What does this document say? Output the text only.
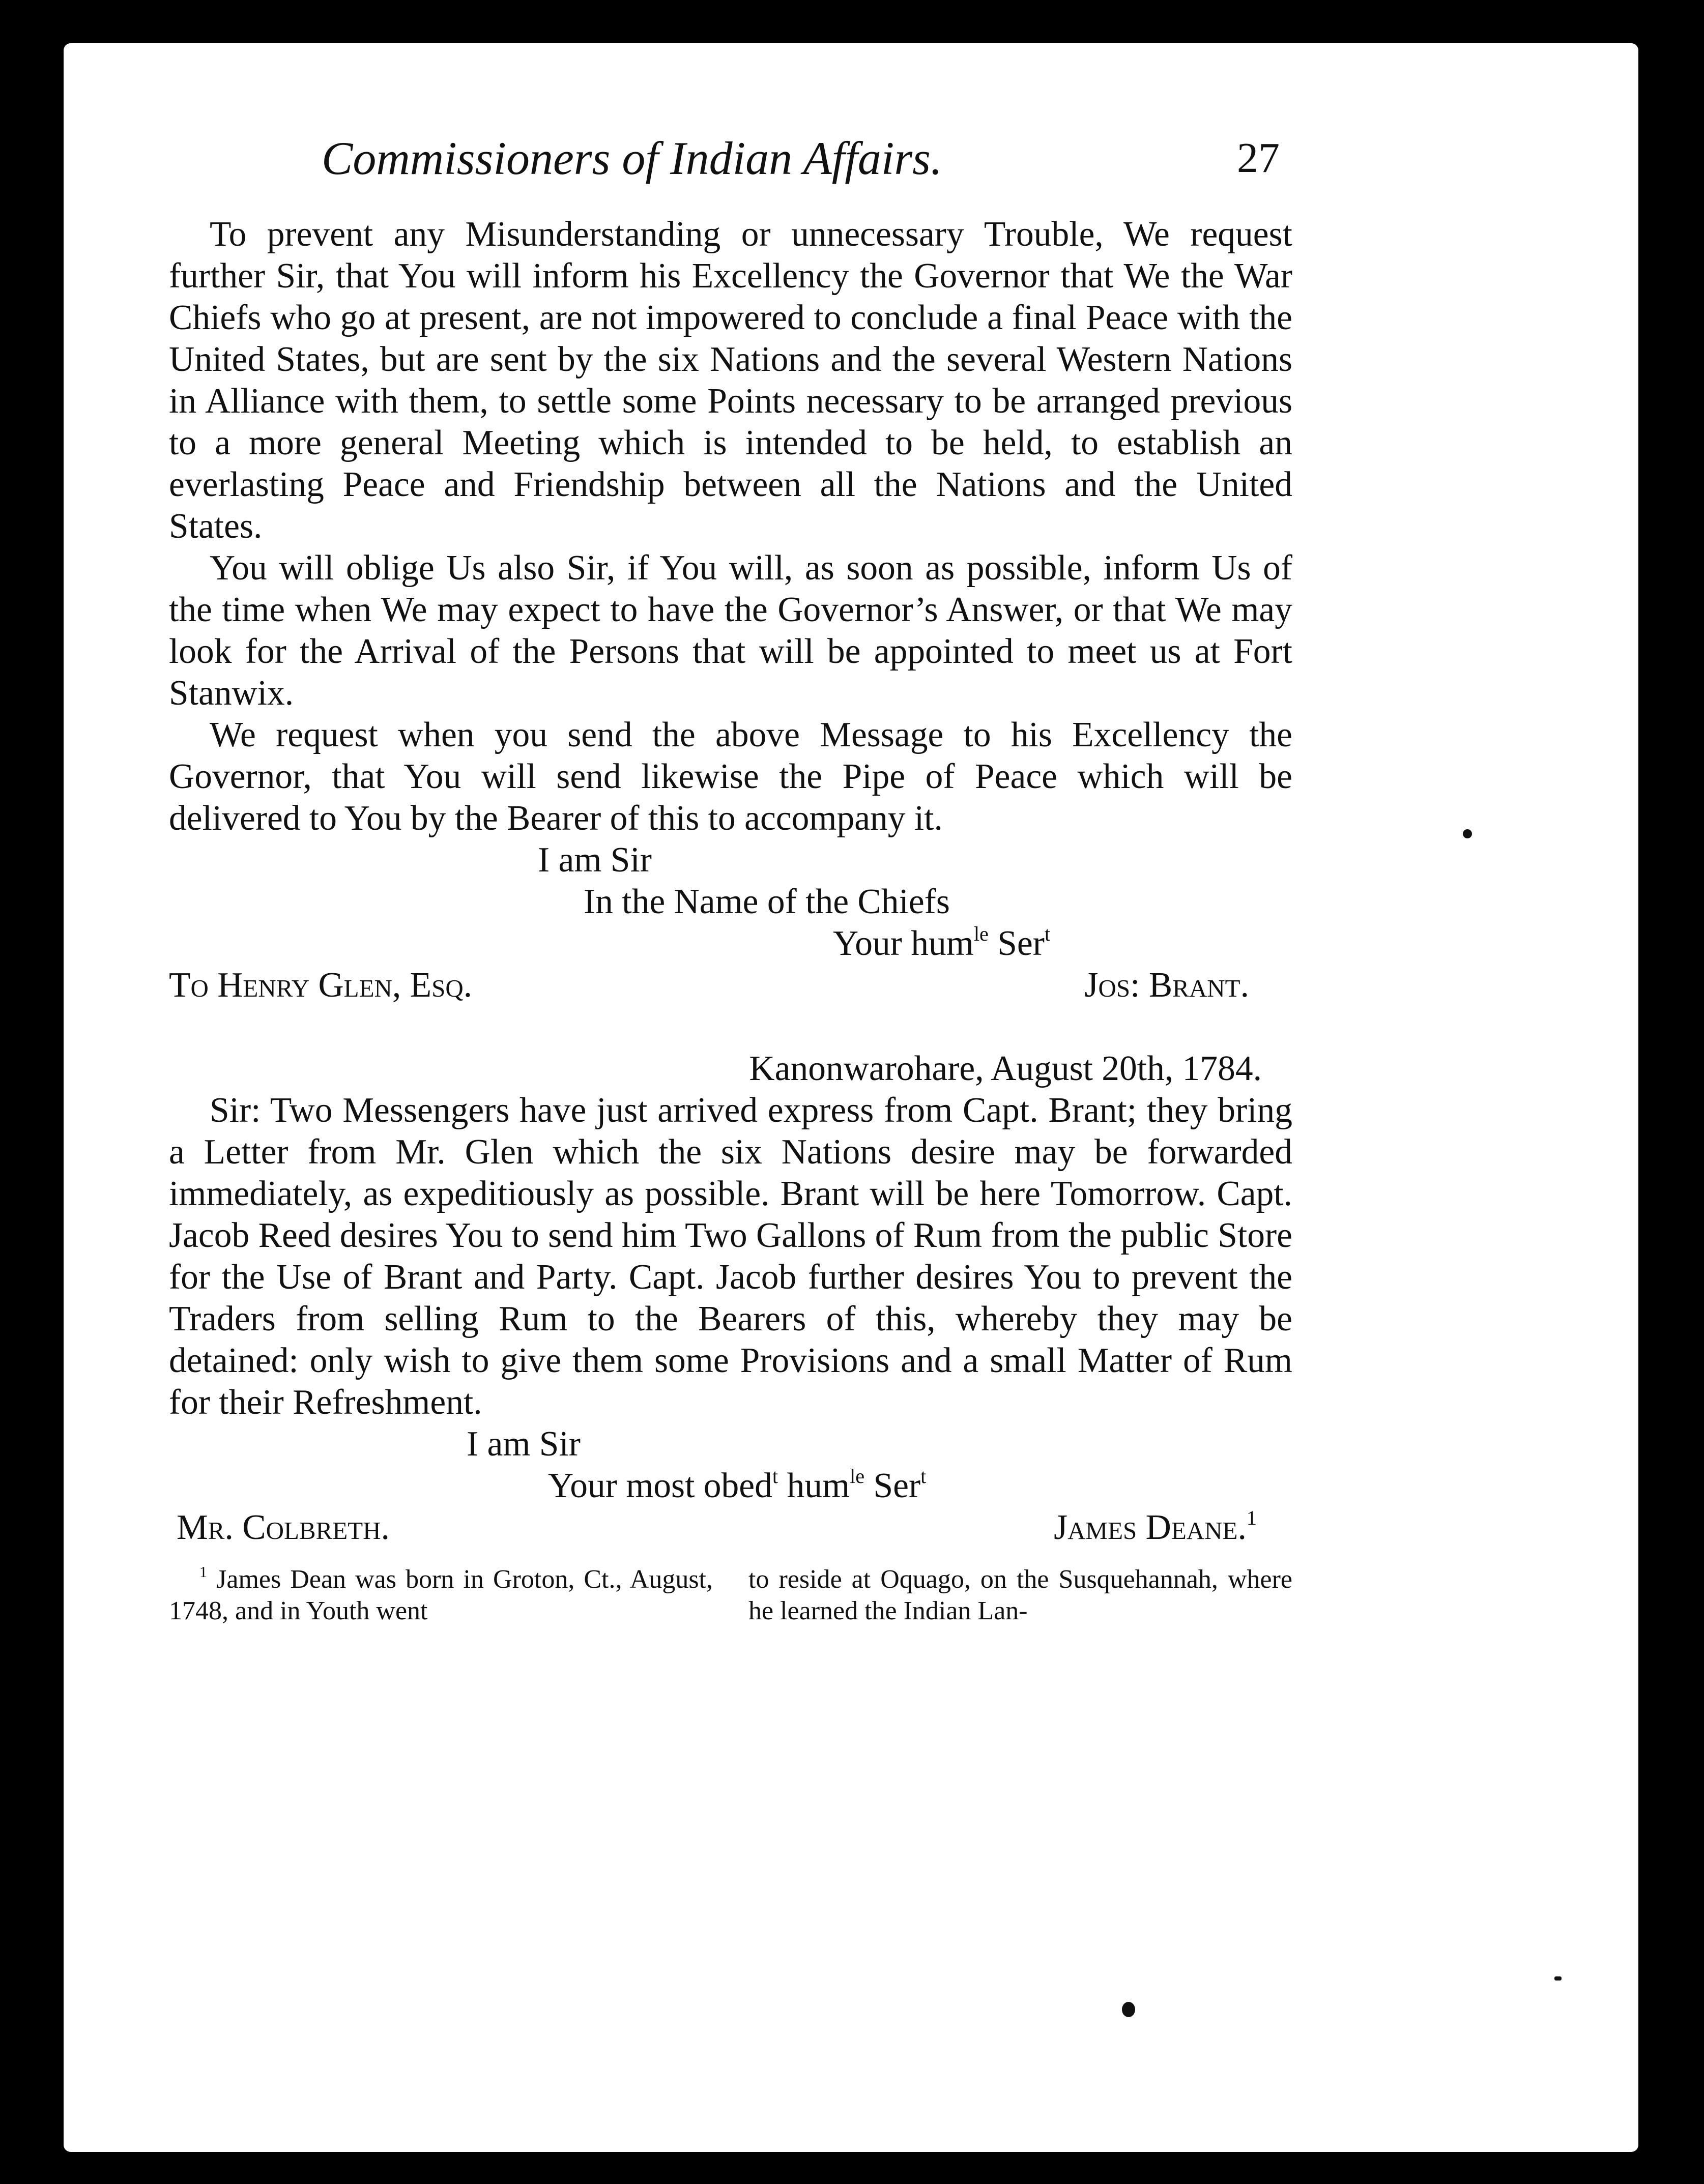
Commissioners of Indian Affairs.	27

To prevent any Misunderstanding or unnecessary Trouble, We request further Sir, that You will inform his Excellency the Governor that We the War Chiefs who go at present, are not impowered to conclude a final Peace with the United States, but are sent by the six Nations and the several Western Nations in Alliance with them, to settle some Points necessary to be arranged previous to a more general Meeting which is intended to be held, to establish an everlasting Peace and Friendship between all the Nations and the United States.

You will oblige Us also Sir, if You will, as soon as possible, inform Us of the time when We may expect to have the Governor’s Answer, or that We may look for the Arrival of the Persons that will be appointed to meet us at Fort Stanwix.

We request when you send the above Message to his Excellency the Governor, that You will send likewise the Pipe of Peace which will be delivered to You by the Bearer of this to accompany it.

I am Sir
In the Name of the Chiefs
Your hum$^{le}$ Ser$^t$
To Henry Glen, Esq.	Jos: Brant.
Kanonwarohare, August 20th, 1784.

Sir: Two Messengers have just arrived express from Capt. Brant; they bring a Letter from Mr. Glen which the six Nations desire may be forwarded immediately, as expeditiously as possible. Brant will be here Tomorrow. Capt. Jacob Reed desires You to send him Two Gallons of Rum from the public Store for the Use of Brant and Party. Capt. Jacob further desires You to prevent the Traders from selling Rum to the Bearers of this, whereby they may be detained: only wish to give them some Provisions and a small Matter of Rum for their Refreshment.

I am Sir
Your most obed$^t$ hum$^{le}$ Ser$^t$
Mr. Colbreth.	James Deane.$^1$
$^1$ James Dean was born in Groton, Ct., August, 1748, and in Youth went
to reside at Oquago, on the Susquehannah, where he learned the Indian Lan-
